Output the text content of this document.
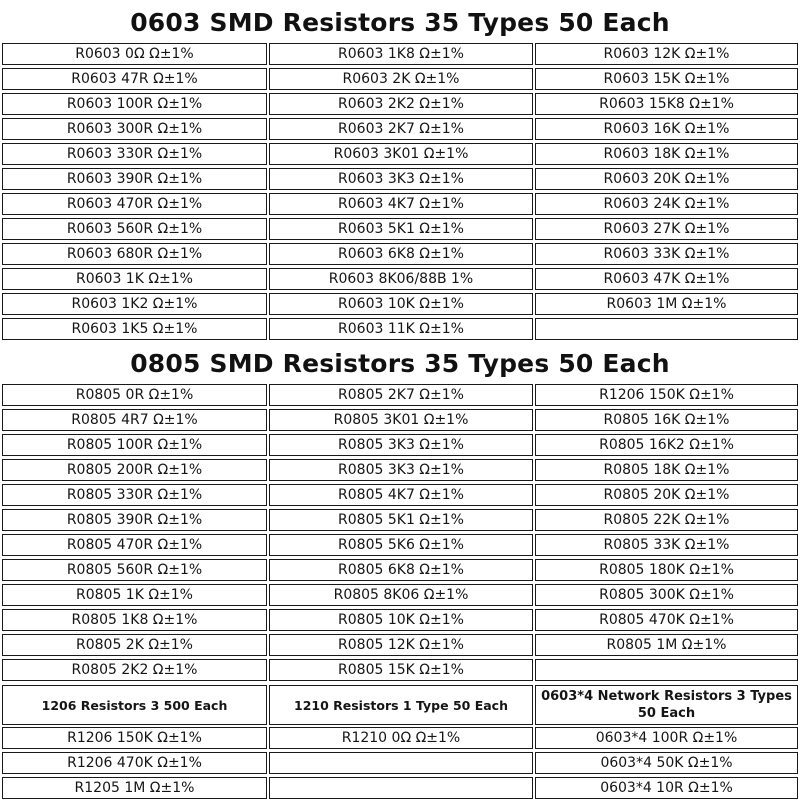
0603 SMD Resistors 35 Types 50 Each
R0603 0Ω Ω±1%
R0603 47R Ω±1%
R0603 100R Ω±1%
R0603 300R Ω±1%
R0603 330R Ω±1%
R0603 390R Ω±1%
R0603 470R Ω±1%
R0603 560R Ω±1%
R0603 680R Ω±1%
R0603 1K Ω±1%
R0603 1K2 Ω±1%
R0603 1K5 Ω±1%
R0603 1K8 Ω±1%
R0603 2K Ω±1%
R0603 2K2 Ω±1%
R0603 2K7 Ω±1%
R0603 3K01 Ω±1%
R0603 3K3 Ω±1%
R0603 4K7 Ω±1%
R0603 5K1 Ω±1%
R0603 6K8 Ω±1%
R0603 8K06/88B 1%
R0603 10K Ω±1%
R0603 11K Ω±1%
R0603 12K Ω±1%
R0603 15K Ω±1%
R0603 15K8 Ω±1%
R0603 16K Ω±1%
R0603 18K Ω±1%
R0603 20K Ω±1%
R0603 24K Ω±1%
R0603 27K Ω±1%
R0603 33K Ω±1%
R0603 47K Ω±1%
R0603 1M Ω±1%
0805 SMD Resistors 35 Types 50 Each
R0805 0R Ω±1%
R0805 4R7 Ω±1%
R0805 100R Ω±1%
R0805 200R Ω±1%
R0805 330R Ω±1%
R0805 390R Ω±1%
R0805 470R Ω±1%
R0805 560R Ω±1%
R0805 1K Ω±1%
R0805 1K8 Ω±1%
R0805 2K Ω±1%
R0805 2K2 Ω±1%
R0805 2K7 Ω±1%
R0805 3K01 Ω±1%
R0805 3K3 Ω±1%
R0805 3K3 Ω±1%
R0805 4K7 Ω±1%
R0805 5K1 Ω±1%
R0805 5K6 Ω±1%
R0805 6K8 Ω±1%
R0805 8K06 Ω±1%
R0805 10K Ω±1%
R0805 12K Ω±1%
R0805 15K Ω±1%
R1206 150K Ω±1%
R0805 16K Ω±1%
R0805 16K2 Ω±1%
R0805 18K Ω±1%
R0805 20K Ω±1%
R0805 22K Ω±1%
R0805 33K Ω±1%
R0805 180K Ω±1%
R0805 300K Ω±1%
R0805 470K Ω±1%
R0805 1M Ω±1%
1206 Resistors 3 500 Each
R1206 150K Ω±1%
R1206 470K Ω±1%
R1205 1M Ω±1%
1210 Resistors 1 Type 50 Each
R1210 0Ω Ω±1%
0603*4 Network Resistors 3 Types 50 Each
0603*4 100R Ω±1%
0603*4 50K Ω±1%
0603*4 10R Ω±1%
